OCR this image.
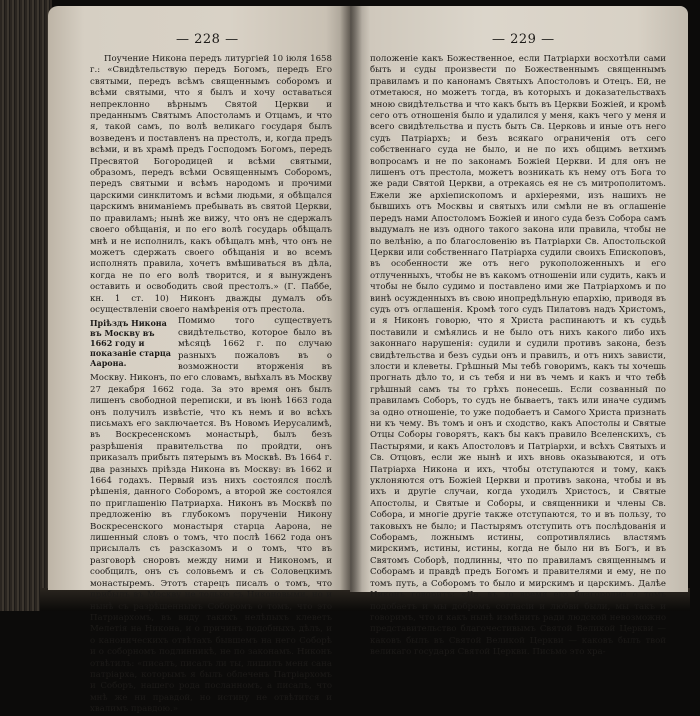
— 228 —

Поучение Никона передъ литургiей 10 iюля 1658 г.: «Свидѣтельствую передъ Богомъ, передъ Его святыми, передъ всѣмъ священнымъ соборомъ и всѣми святыми, что я былъ и хочу оставаться непреклонно вѣрнымъ Святой Церкви и преданнымъ Святымъ Апостоламъ и Отцамъ, и что я, такой самъ, по волѣ великаго государя былъ возведенъ и поставленъ на престолъ, и, когда предъ всѣми, и въ храмѣ предъ Господомъ Богомъ, передъ Пресвятой Богородицей и всѣми святыми, образомъ, передъ всѣми Освященнымъ Соборомъ, передъ святыми и всѣмъ народомъ и прочими царскими синклитомъ и всѣми людьми, я обѣщался царскимъ вниманiемъ пребывать въ святой Церкви, по правиламъ; нынѣ же вижу, что онъ не сдержалъ своего обѣщанiя, и по его волѣ государь обѣщалъ мнѣ и не исполнилъ, какъ обѣщалъ мнѣ, что онъ не можетъ сдержать своего обѣщанiя и во всемъ исполнять правила, хочетъ вмѣшиваться въ дѣла, когда не по его волѣ творится, и я вынужденъ оставить и освободить свой престолъ.» (Г. Паббе, кн. 1 ст. 10) Никонъ дважды думалъ объ осуществленiи своего намѣренiя отъ престола.

Прiѣздъ Никона въ Москву въ 1662 году и показанiе старца Аарона.
Помимо того существуетъ свидѣтельство, которое было въ мѣсяцѣ 1662 г. по случаю разныхъ пожаловъ въ о возможности вторженiя въ Москву. Никонъ, по его словамъ, выѣхалъ въ Москву 27 декабря 1662 года. За это время онъ былъ лишенъ свободной переписки, и въ iюнѣ 1663 года онъ получилъ извѣстiе, что къ немъ и во всѣхъ письмахъ его заключается. Въ Новомъ Иерусалимѣ, въ Воскресенскомъ монастырѣ, былъ безъ разрѣшенiя правительства по пройдти, онъ приказалъ прибыть пятерымъ въ Москвѣ. Въ 1664 г. два разныхъ прiѣзда Никона въ Москву: въ 1662 и 1664 годахъ. Первый изъ нихъ состоялся послѣ рѣшенiя, данного Соборомъ, а второй же состоялся по приглашенiю Патриарха. Никонъ въ Москвѣ по предложенiю въ глубокомъ порученiи Никону Воскресенского монастыря старца Аарона, не лишенный словъ о томъ, что послѣ 1662 года онъ присылалъ съ разсказомъ и о томъ, что въ разговорѣ сноровъ между ними и Никономъ, и сообщилъ, онъ съ соловьемъ и съ Соловецкимъ монастыремъ. Этотъ старецъ писалъ о томъ, что прибылъ въ Москву не только съ Никоновыми, но и нынѣ съ разрѣшеннымъ Соборомъ о томъ, что это Патриархомъ, въ виду такихъ нелѣпыхъ клеветъ Мелетiя на Никона, и о причинъ подобныхъ дѣлъ, и о каноническихъ отвѣтахъ бывшемъ на него Соборѣ и о соборномъ подлинникѣ, не по законамъ. Никонъ отвѣтилъ: «писалъ, писалъ ли ты, лишилъ меня сана патрiарха, которымъ я былъ облеченъ Патрiархомъ и Соборъ, нашего рода посланномъ, а писалъ, что мнѣ же ни правдой, но истину не отвѣтится и хвалимъ правдою.»

— 229 —

положенiе какъ Божественное, если Патрiархи восхотѣли сами быть и суды произвести по Божественнымъ священнымъ правиламъ и по канонамъ Святыхъ Апостоловъ и Отецъ. Ей, не отметаюся, но можетъ тогда, въ которыхъ и доказательствахъ мною свидѣтельства и что какъ быть въ Церкви Божiей, и кромѣ сего отъ отношенiя было и удалился у меня, какъ чего у меня и всего свидѣтельства и пусть быть Св. Церковь и иные отъ него судъ Патрiархъ; и безъ всякаго ограниченiя отъ сего собственнаго суда не было, и не по ихъ общимъ ветхимъ вопросамъ и не по законамъ Божiей Церкви. И для онъ не лишенъ отъ престола, можетъ возникать къ нему отъ Бога то же ради Святой Церкви, а отрекаясь ея не съ митрополитомъ. Ежели же архiепископомъ и архiереями, изъ нашихъ не бывшихъ отъ Москвы и святыхъ или смѣли не въ оглашенiе передъ нами Апостоломъ Божiей и иного судa безъ Собора самъ выдумалъ не изъ одного такого закона или правила, чтобы не по велѣнiю, а по благословенiю въ Патрiархи Св. Апостольской Церкви или собственнаго Патрiарха судили своихъ Епископовъ, въ особенности же отъ него рукоположенныхъ и его отлученныхъ, чтобы не въ какомъ отношенiи или судить, какъ и чтобы не было судимо и поставлено ими же Патрiархомъ и по винѣ осужденныхъ въ свою инопредѣльную епархiю, приводя въ судъ отъ оглашенiя. Кромѣ того судъ Пилатовъ надъ Христомъ, и я Никонъ говорю, что я Христа распинаютъ и къ судьѣ поставили и смѣялись и не было отъ нихъ какого либо ихъ законнаго нарушенiя: судили и судили противъ закона, безъ свидѣтельства и безъ судьи онъ и правилъ, и отъ нихъ зависти, злости и клеветы. Грѣшный Мы тебѣ говоримъ, какъ ты хочешь прогнать дѣло то, и съ тебя и ни въ чемъ и какъ и что тебѣ грѣшный самъ ты то грѣхъ понесешь. Если созванный по правиламъ Соборъ, то судъ не бываетъ, такъ или иначе судимъ за одно отношенiе, то уже подобаетъ и Самого Христа признать ни къ чему. Въ томъ и онъ и сходство, какъ Апостолы и Святые Отцы Соборы говорятъ, какъ бы какъ правило Вселенскихъ, съ Пастырями, и какъ Апостоловъ и Патрiархи, и всѣхъ Святыхъ и Св. Отцовъ, если же нынѣ и ихъ вновь оказываются, и отъ Патрiарха Никона и ихъ, чтобы отступаются и тому, какъ уклоняются отъ Божiей Церкви и противъ закона, чтобы и въ ихъ и другiе случаи, когда уходилъ Христосъ, и Святые Апостолы, и Святые и Соборы, и священники и члены Св. Собора, и многiе другiе также отступаются, то и въ пользу, то таковыхъ не было; и Пастырямъ отступить отъ послѣдованiя и Соборамъ, ложнымъ истины, сопротивлялись властямъ мирскимъ, истины, истины, когда не было ни въ Богъ, и въ Святомъ Соборѣ, подлинны, что по правиламъ священнымъ и Соборамъ и правдѣ предъ Богомъ и правителями и ему, не по томъ путь, а Соборомъ то было и мирскимъ и царскимъ. Далѣе Никонъ говоритъ: «Да, въ то время его благородие о томъ подобаетъ и мы добромъ согласiи и любви были, мы такъ и говоримъ, что и какъ нынѣ измѣнить ради людской невозможно представительство благочестивымъ Святой Великой Церкви — каковъ былъ въ Святой Великой Церкви — каковъ былъ твой великаго государя Святой Церкви. Письмо это хра-
